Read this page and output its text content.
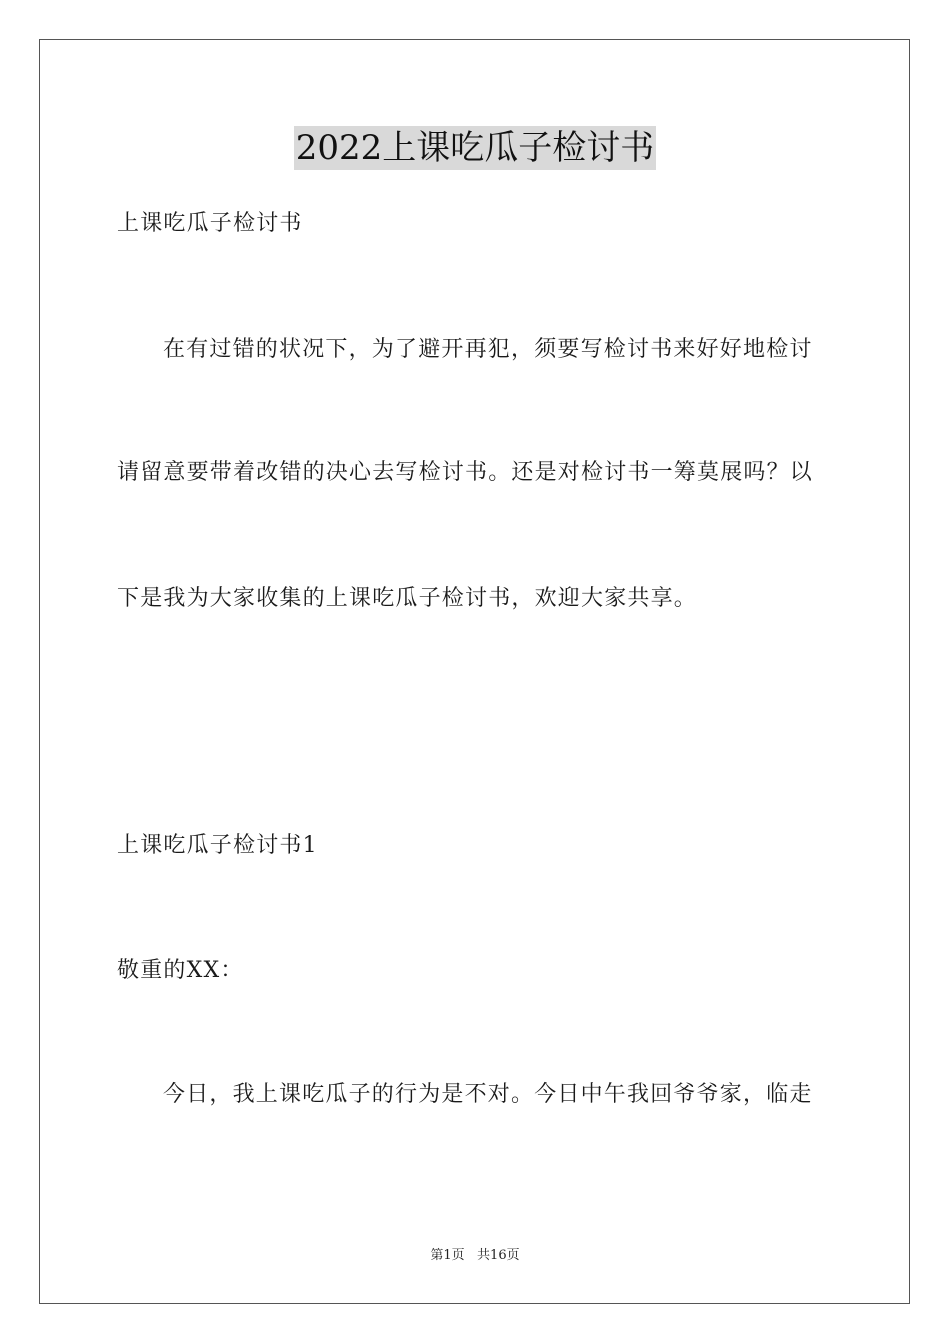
2022上课吃瓜子检讨书
上课吃瓜子检讨书
在有过错的状况下，为了避开再犯，须要写检讨书来好好地检讨
请留意要带着改错的决心去写检讨书。还是对检讨书一筹莫展吗？以
下是我为大家收集的上课吃瓜子检讨书，欢迎大家共享。
上课吃瓜子检讨书1
敬重的XX：
今日，我上课吃瓜子的行为是不对。今日中午我回爷爷家，临走
第1页   共16页
